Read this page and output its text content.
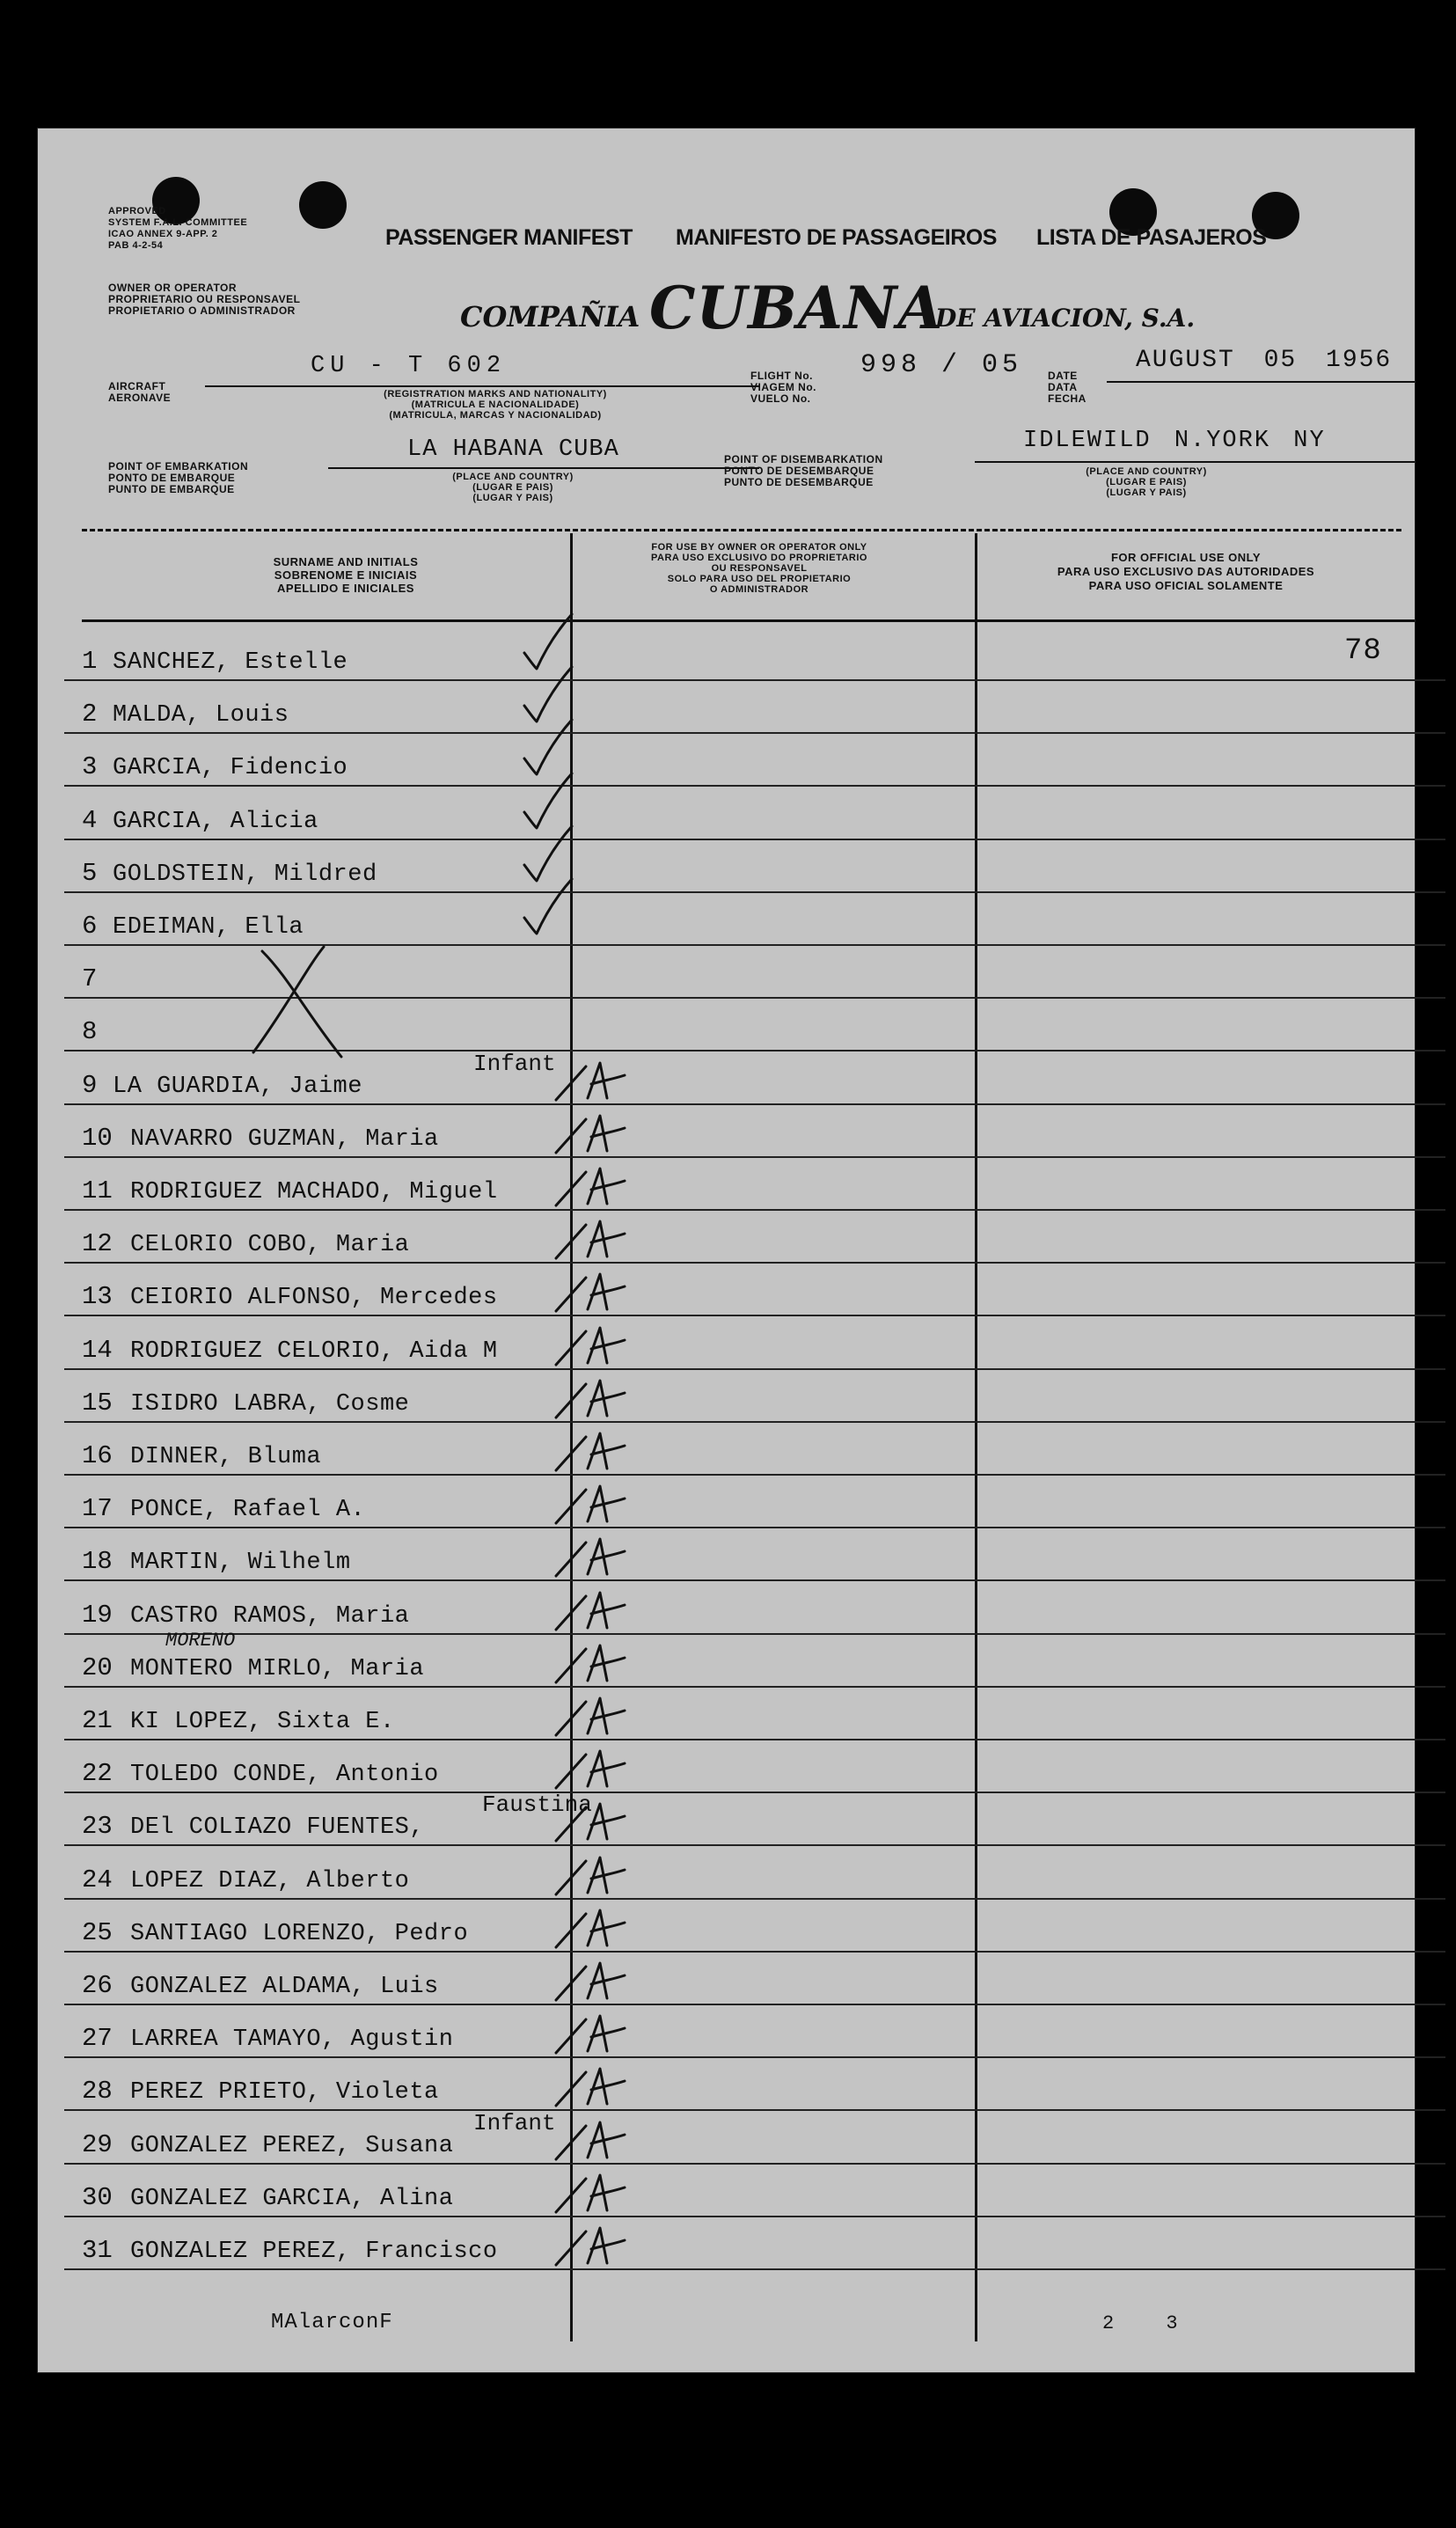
APPROVED
SYSTEM F.A.L. COMMITTEE
ICAO ANNEX 9-APP. 2
PAB 4-2-54	PASSENGER MANIFEST MANIFESTO DE PASSAGEIROS LISTA DE PASAJEROS
OWNER OR OPERATOR
PROPRIETARIO OU RESPONSAVEL
PROPIETARIO O ADMINISTRADOR	COMPAÑIA CUBANA
DE AVIACION, S.A.
AIRCRAFT
AERONAVE
CU - T 602
(REGISTRATION MARKS AND NATIONALITY)
(MATRICULA E NACIONALIDADE)
(MATRICULA, MARCAS Y NACIONALIDAD)
FLIGHT No.
VIAGEM No.
VUELO No.
998 / 05 DATE
DATA
FECHA
AUGUST 05 1956
POINT OF EMBARKATION
PONTO DE EMBARQUE
PUNTO DE EMBARQUE
LA HABANA CUBA
(PLACE AND COUNTRY)
(LUGAR E PAIS)
(LUGAR Y PAIS)
POINT OF DISEMBARKATION
PONTO DE DESEMBARQUE
PUNTO DE DESEMBARQUE
IDLEWILD N.YORK NY
(PLACE AND COUNTRY)
(LUGAR E PAIS)
(LUGAR Y PAIS)
SURNAME AND INITIALS
SOBRENOME E INICIAIS
APELLIDO E INICIALES
FOR USE BY OWNER OR OPERATOR ONLY
PARA USO EXCLUSIVO DO PROPRIETARIO
OU RESPONSAVEL
SOLO PARA USO DEL PROPIETARIO
O ADMINISTRADOR
FOR OFFICIAL USE ONLY
PARA USO EXCLUSIVO DAS AUTORIDADES
PARA USO OFICIAL SOLAMENTE
78
1 SANCHEZ, Estelle
2 MALDA, Louis
3 GARCIA, Fidencio
4 GARCIA, Alicia
5 GOLDSTEIN, Mildred
6 EDEIMAN, Ella
7
8
9 LA GUARDIA, Jaime
Infant
10 NAVARRO GUZMAN, Maria
11 RODRIGUEZ MACHADO, Miguel
12 CELORIO COBO, Maria
13 CEIORIO ALFONSO, Mercedes
14 RODRIGUEZ CELORIO, Aida M
15 ISIDRO LABRA, Cosme
16 DINNER, Bluma
17 PONCE, Rafael A.
18 MARTIN, Wilhelm
19 CASTRO RAMOS, Maria
20 MONTERO MIRLO, Maria
MORENO
21 KI LOPEZ, Sixta E.
22 TOLEDO CONDE, Antonio
23 DEl COLIAZO FUENTES,
Faustina
24 LOPEZ DIAZ, Alberto
25 SANTIAGO LORENZO, Pedro
26 GONZALEZ ALDAMA, Luis
27 LARREA TAMAYO, Agustin
28 PEREZ PRIETO, Violeta
29 GONZALEZ PEREZ, Susana
Infant
30 GONZALEZ GARCIA, Alina
31 GONZALEZ PEREZ, Francisco
MAlarconF	2 3
